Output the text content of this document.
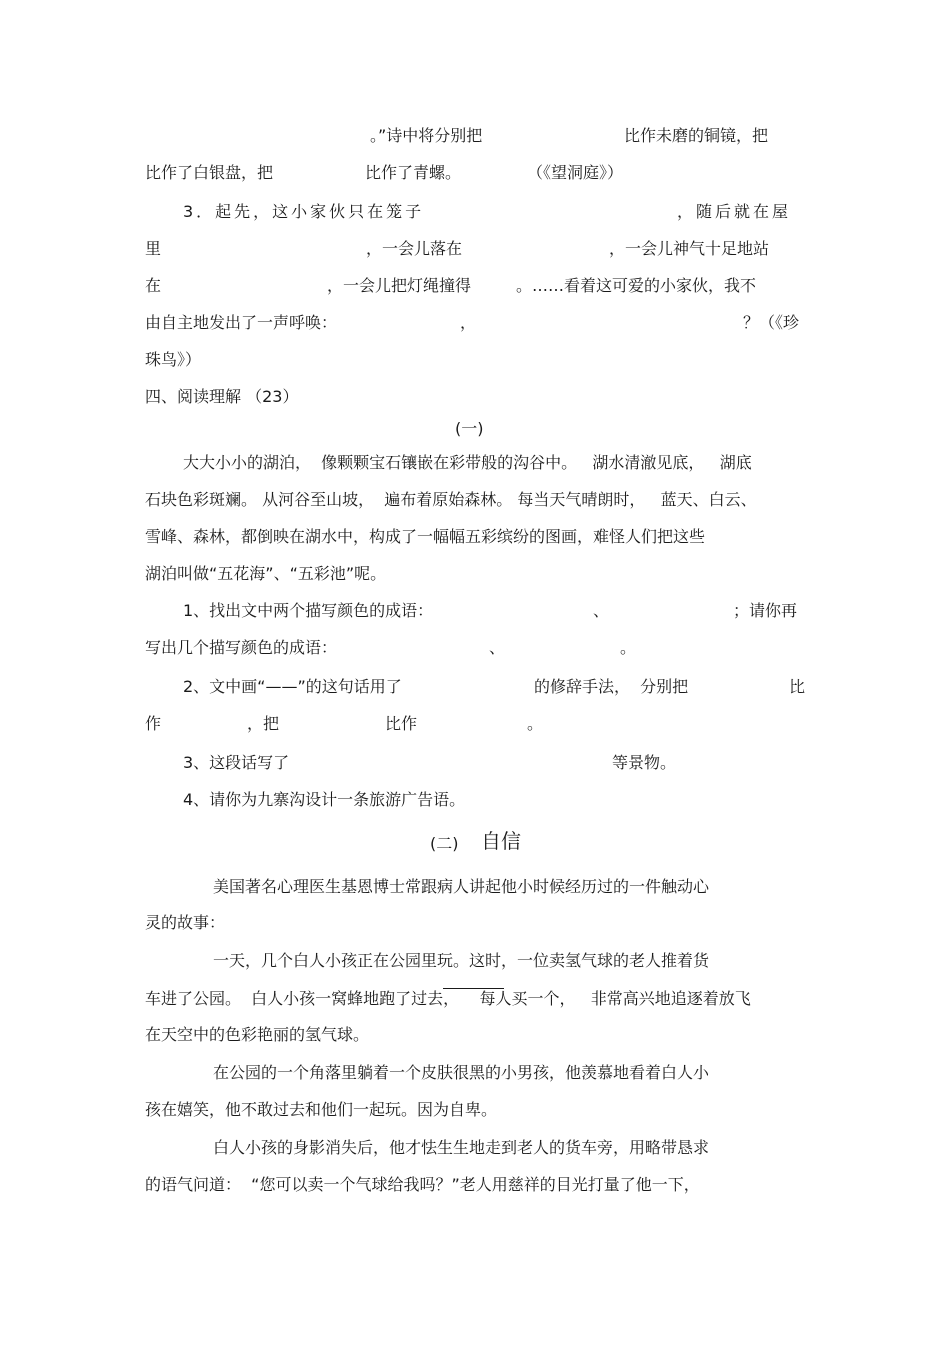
。”诗中将分别把	比作未磨的铜镜，把
比作了白银盘，把	比作了青螺。	（《望洞庭》）
3．起先，这小家伙只在笼子	，随后就在屋
里	，一会儿落在	，一会儿神气十足地站
在	，一会儿把灯绳撞得	。……看着这可爱的小家伙，我不
由自主地发出了一声呼唤：	，	？（《珍
珠鸟》）
四、阅读理解 （23）
(一)
大大小小的湖泊，  像颗颗宝石镶嵌在彩带般的沟谷中。   湖水清澈见底，   湖底
石块色彩斑斓。 从河谷至山坡，  遍布着原始森林。 每当天气晴朗时，   蓝天、白云、
雪峰、森林，都倒映在湖水中，构成了一幅幅五彩缤纷的图画，难怪人们把这些
湖泊叫做“五花海”、“五彩池”呢。
1、找出文中两个描写颜色的成语：	、	；请你再
写出几个描写颜色的成语：	、	。
2、文中画“——”的这句话用了	的修辞手法，  分别把	比
作	，把	比作	。
3、这段话写了	等景物。
4、请你为九寨沟设计一条旅游广告语。
(二) 自信
美国著名心理医生基恩博士常跟病人讲起他小时候经历过的一件触动心
灵的故事：
一天，几个白人小孩正在公园里玩。这时，一位卖氢气球的老人推着货
车进了公园。  白人小孩一窝蜂地跑了过去，    每人买一个，   非常高兴地追逐着放飞
在天空中的色彩艳丽的氢气球。
在公园的一个角落里躺着一个皮肤很黑的小男孩，他羡慕地看着白人小
孩在嬉笑，他不敢过去和他们一起玩。因为自卑。
白人小孩的身影消失后，他才怯生生地走到老人的货车旁，用略带恳求
的语气问道：  “您可以卖一个气球给我吗？”老人用慈祥的目光打量了他一下，
